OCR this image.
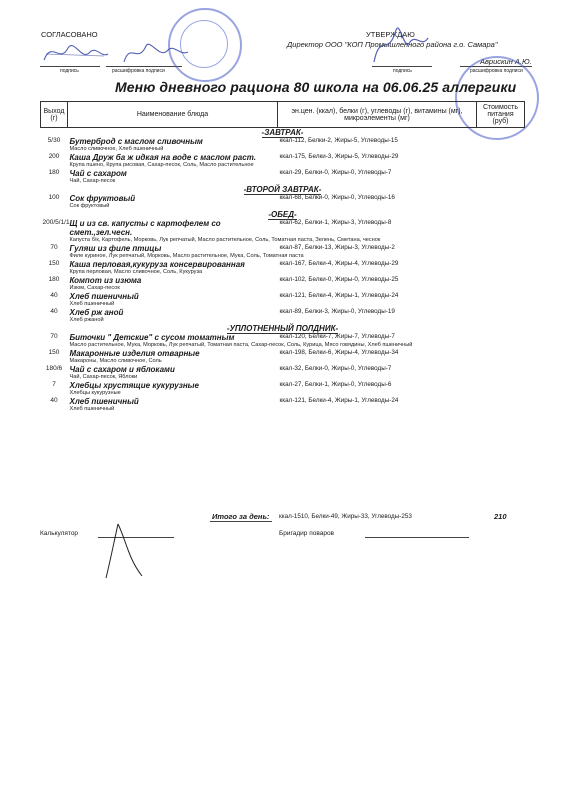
СОГЛАСОВАНО
подпись	расшифровка подписи
УТВЕРЖДАЮ
Директор ООО "КОП Промышленного района г.о. Самара"
Аврискин А.Ю.
подпись	расшифровка подписи
Меню дневного рациона 80 школа на 06.06.25 аллергики
Выход (г)	Наименование блюда	эн.цен. (ккал), белки (г), углеводы (г), витамины (мг), микроэлементы (мг)	Стоимость питания (руб)
-ЗАВТРАК-			
5/30	Бутерброд с маслом сливочным	ккал-112, Белки-2, Жиры-5, Углеводы-15	

	Масло сливочное, Хлеб пшеничный		

200	Каша Друж ба ж идкая на воде с маслом раст.	ккал-175, Белки-3, Жиры-5, Углеводы-29	

	Крупа пшено, Крупа рисовая, Сахар-песок, Соль, Масло растительное		

180	Чай с сахаром	ккал-29, Белки-0, Жиры-0, Углеводы-7	

	Чай, Сахар-песок		

-ВТОРОЙ ЗАВТРАК-			
100	Сок фруктовый	ккал-68, Белки-0, Жиры-0, Углеводы-16	

	Сок фруктовый		

-ОБЕД-			
200/5/1/1	Щ и из св. капусты с картофелем со смет.,зел.чесн.	ккал-62, Белки-1, Жиры-3, Углеводы-8	

	Капуста б/к, Картофель, Морковь, Лук репчатый, Масло растительное, Соль, Томатная паста, Зелень, Сметана, чеснок		

70	Гуляш из филе птицы	ккал-87, Белки-13, Жиры-3, Углеводы-2	

	Филе куриное, Лук репчатый, Морковь, Масло растительное, Мука, Соль, Томатная паста		

150	Каша перловая,кукуруза консервированная	ккал-167, Белки-4, Жиры-4, Углеводы-29	

	Крупа перловая, Масло сливочное, Соль, Кукуруза		

180	Компот из изюма	ккал-102, Белки-0, Жиры-0, Углеводы-25	

	Изюм, Сахар-песок		

40	Хлеб пшеничный	ккал-121, Белки-4, Жиры-1, Углеводы-24	

	Хлеб пшеничный		

40	Хлеб рж аной	ккал-89, Белки-3, Жиры-0, Углеводы-19	

	Хлеб ржаной		

-УПЛОТНЕННЫЙ ПОЛДНИК-			
70	Биточки " Детские" с сусом томатным	ккал-120, Белки-7, Жиры-7, Углеводы-7	

	Масло растительное, Мука, Морковь, Лук репчатый, Томатная паста, Сахар-песок, Соль, Курица, Мясо говядины, Хлеб пшеничный		

150	Макаронные изделия отварные	ккал-198, Белки-6, Жиры-4, Углеводы-34	

	Макароны, Масло сливочное, Соль		

180/6	Чай с сахаром и яблоками	ккал-32, Белки-0, Жиры-0, Углеводы-7	

	Чай, Сахар-песок, Яблоки		

7	Хлебцы хрустящие кукурузные	ккал-27, Белки-1, Жиры-0, Углеводы-6	

	Хлебцы кукурузные		

40	Хлеб пшеничный	ккал-121, Белки-4, Жиры-1, Углеводы-24	

	Хлеб пшеничный		
Итого за день: ккал-1510, Белки-49, Жиры-33, Углеводы-253	210
Калькулятор	Бригадир поваров
